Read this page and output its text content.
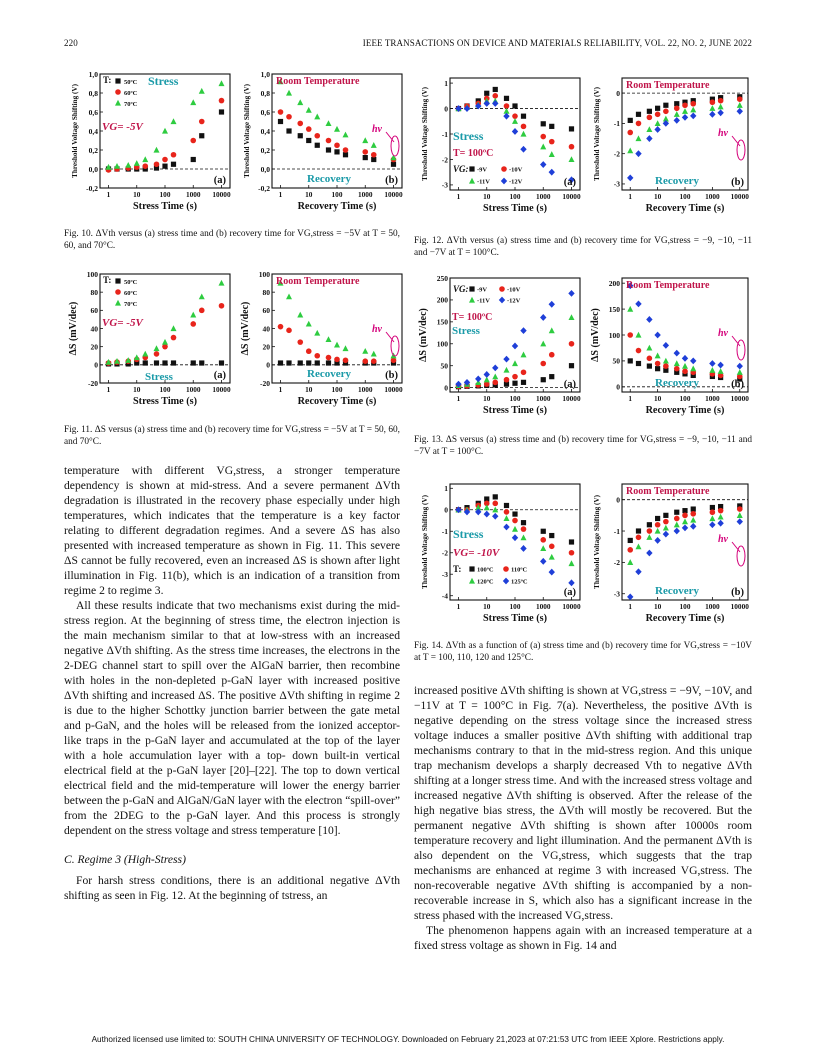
220	IEEE TRANSACTIONS ON DEVICE AND MATERIALS RELIABILITY, VOL. 22, NO. 2, JUNE 2022
1,0
0,8
0,6
0,4
0,2
0,0
-0,2
1	10	100 1000 10000
Stress Time (s)
Threshold Voltage Shifting (V)
(a)
T: 50ºC
60ºC
70ºC
Stress
VG= -5V
1,0
0,8
0,6
0,4
0,2
0,0
-0,2
1	10	100 1000 10000
Recovery Time (s)
Threshold Voltage Shifting (V)
(b)
Room Temperature
Recovery
hν
100
80
60
40
20
0
-20
1	10	100 1000 10000
Stress Time (s)
ΔS (mV/dec)
(a)
T: 50ºC
60ºC
70ºC
VG= -5V
Stress
100
80
60
40
20
0
-20
1	10	100 1000 10000
Recovery Time (s)
ΔS (mV/dec)
(b)
Room Temperature
Recovery
hν
1
0
-1
-2
-3
1	10	100 1000 10000
Stress Time (s)
Threshold Voltage Shifting (V)
(a)
Stress
T= 100ºC
VG: -9V	-10V
-11V	-12V
0
-1
-2
-3
1	10	100 1000 10000
Recovery Time (s)
Threshold Voltage Shifting (V)
(b)
Room Temperature
Recovery
hν
250
200
150
100
50
0
1	10	100 1000 10000
Stress Time (s)
ΔS (mV/dec)
(a)
VG: -9V	-10V
-11V	-12V
T= 100ºC
Stress
200
150
100
50
0
1	10	100 1000 10000
Recovery Time (s)
ΔS (mV/dec)
(b)
Room Temperature
Recovery
hν
1
0
-1
-2
-3
-4
1	10	100 1000 10000
Stress Time (s)
Threshold Voltage Shifting (V)
(a)
Stress
VG= -10V
T: 100ºC	110ºC
120ºC	125ºC
0
-1
-2
-3
1	10	100 1000 10000
Recovery Time (s)
Threshold Voltage Shifting (V)
(b)
Room Temperature
Recovery
hν
Fig. 10. ΔVth versus (a) stress time and (b) recovery time for VG,stress = −5V at T = 50, 60, and 70°C.
Fig. 11. ΔS versus (a) stress time and (b) recovery time for VG,stress = −5V at T = 50, 60, and 70°C.
Fig. 12. ΔVth versus (a) stress time and (b) recovery time for VG,stress = −9, −10, −11 and −7V at T = 100°C.
Fig. 13. ΔS versus (a) stress time and (b) recovery time for VG,stress = −9, −10, −11 and −7V at T = 100°C.
Fig. 14. ΔVth as a function of (a) stress time and (b) recovery time for VG,stress = −10V at T = 100, 110, 120 and 125°C.

temperature with different VG,stress, a stronger temperature dependency is shown at mid-stress. And a severe permanent ΔVth degradation is illustrated in the recovery phase especially under high temperatures, which indicates that the temperature is a key factor relating to different degradation regimes. And a severe ΔS has also presented with increased temperature as shown in Fig. 11. This severe ΔS cannot be fully recovered, even an increased ΔS is shown after light illumination in Fig. 11(b), which is an indication of a transition from regime 2 to regime 3.

All these results indicate that two mechanisms exist during the mid-stress region. At the beginning of stress time, the electron injection is the main mechanism similar to that at low-stress with an increased negative ΔVth shifting. As the stress time increases, the electrons in the 2-DEG channel start to spill over the AlGaN barrier, then recombine with holes in the non-depleted p-GaN layer with increased positive ΔVth shifting and increased ΔS. The positive ΔVth shifting in regime 2 is due to the higher Schottky junction barrier between the gate metal and p-GaN, and the holes will be released from the ionized acceptor-like traps in the p-GaN layer and accumulated at the top of the layer with a hole accumulation layer with a top- down built-in vertical electrical field at the p-GaN layer [20]–[22]. The top to down vertical electrical field and the mid-temperature will lower the energy barrier between the p-GaN and AlGaN/GaN layer with the electron “spill-over” from the 2DEG to the p-GaN layer. And this process is strongly dependent on the stress voltage and stress temperature [10].

C. Regime 3 (High-Stress)

For harsh stress conditions, there is an additional negative ΔVth shifting as seen in Fig. 12. At the beginning of tstress, an

increased positive ΔVth shifting is shown at VG,stress = −9V, −10V, and −11V at T = 100°C in Fig. 7(a). Nevertheless, the positive ΔVth is negative depending on the stress voltage since the increased stress voltage induces a smaller positive ΔVth shifting with additional trap mechanisms contrary to that in the mid-stress region. And this unique trap mechanism develops a sharply decreased Vth to negative ΔVth shifting at a longer stress time. And with the increased stress voltage and increased negative ΔVth shifting is observed. After the release of the high negative bias stress, the ΔVth will mostly be recovered. But the permanent negative ΔVth shifting is shown after 10000s room temperature recovery and light illumination. And the permanent ΔVth is also dependent on the VG,stress, which suggests that the trap mechanisms are enhanced at regime 3 with increased VG,stress. The non-recoverable negative ΔVth shifting is accompanied by a non-recoverable increase in S, which also has a significant increase in the stress phased with the increased VG,stress.

The phenomenon happens again with an increased temperature at a fixed stress voltage as shown in Fig. 14 and

Authorized licensed use limited to: SOUTH CHINA UNIVERSITY OF TECHNOLOGY. Downloaded on February 21,2023 at 07:21:53 UTC from IEEE Xplore. Restrictions apply.
